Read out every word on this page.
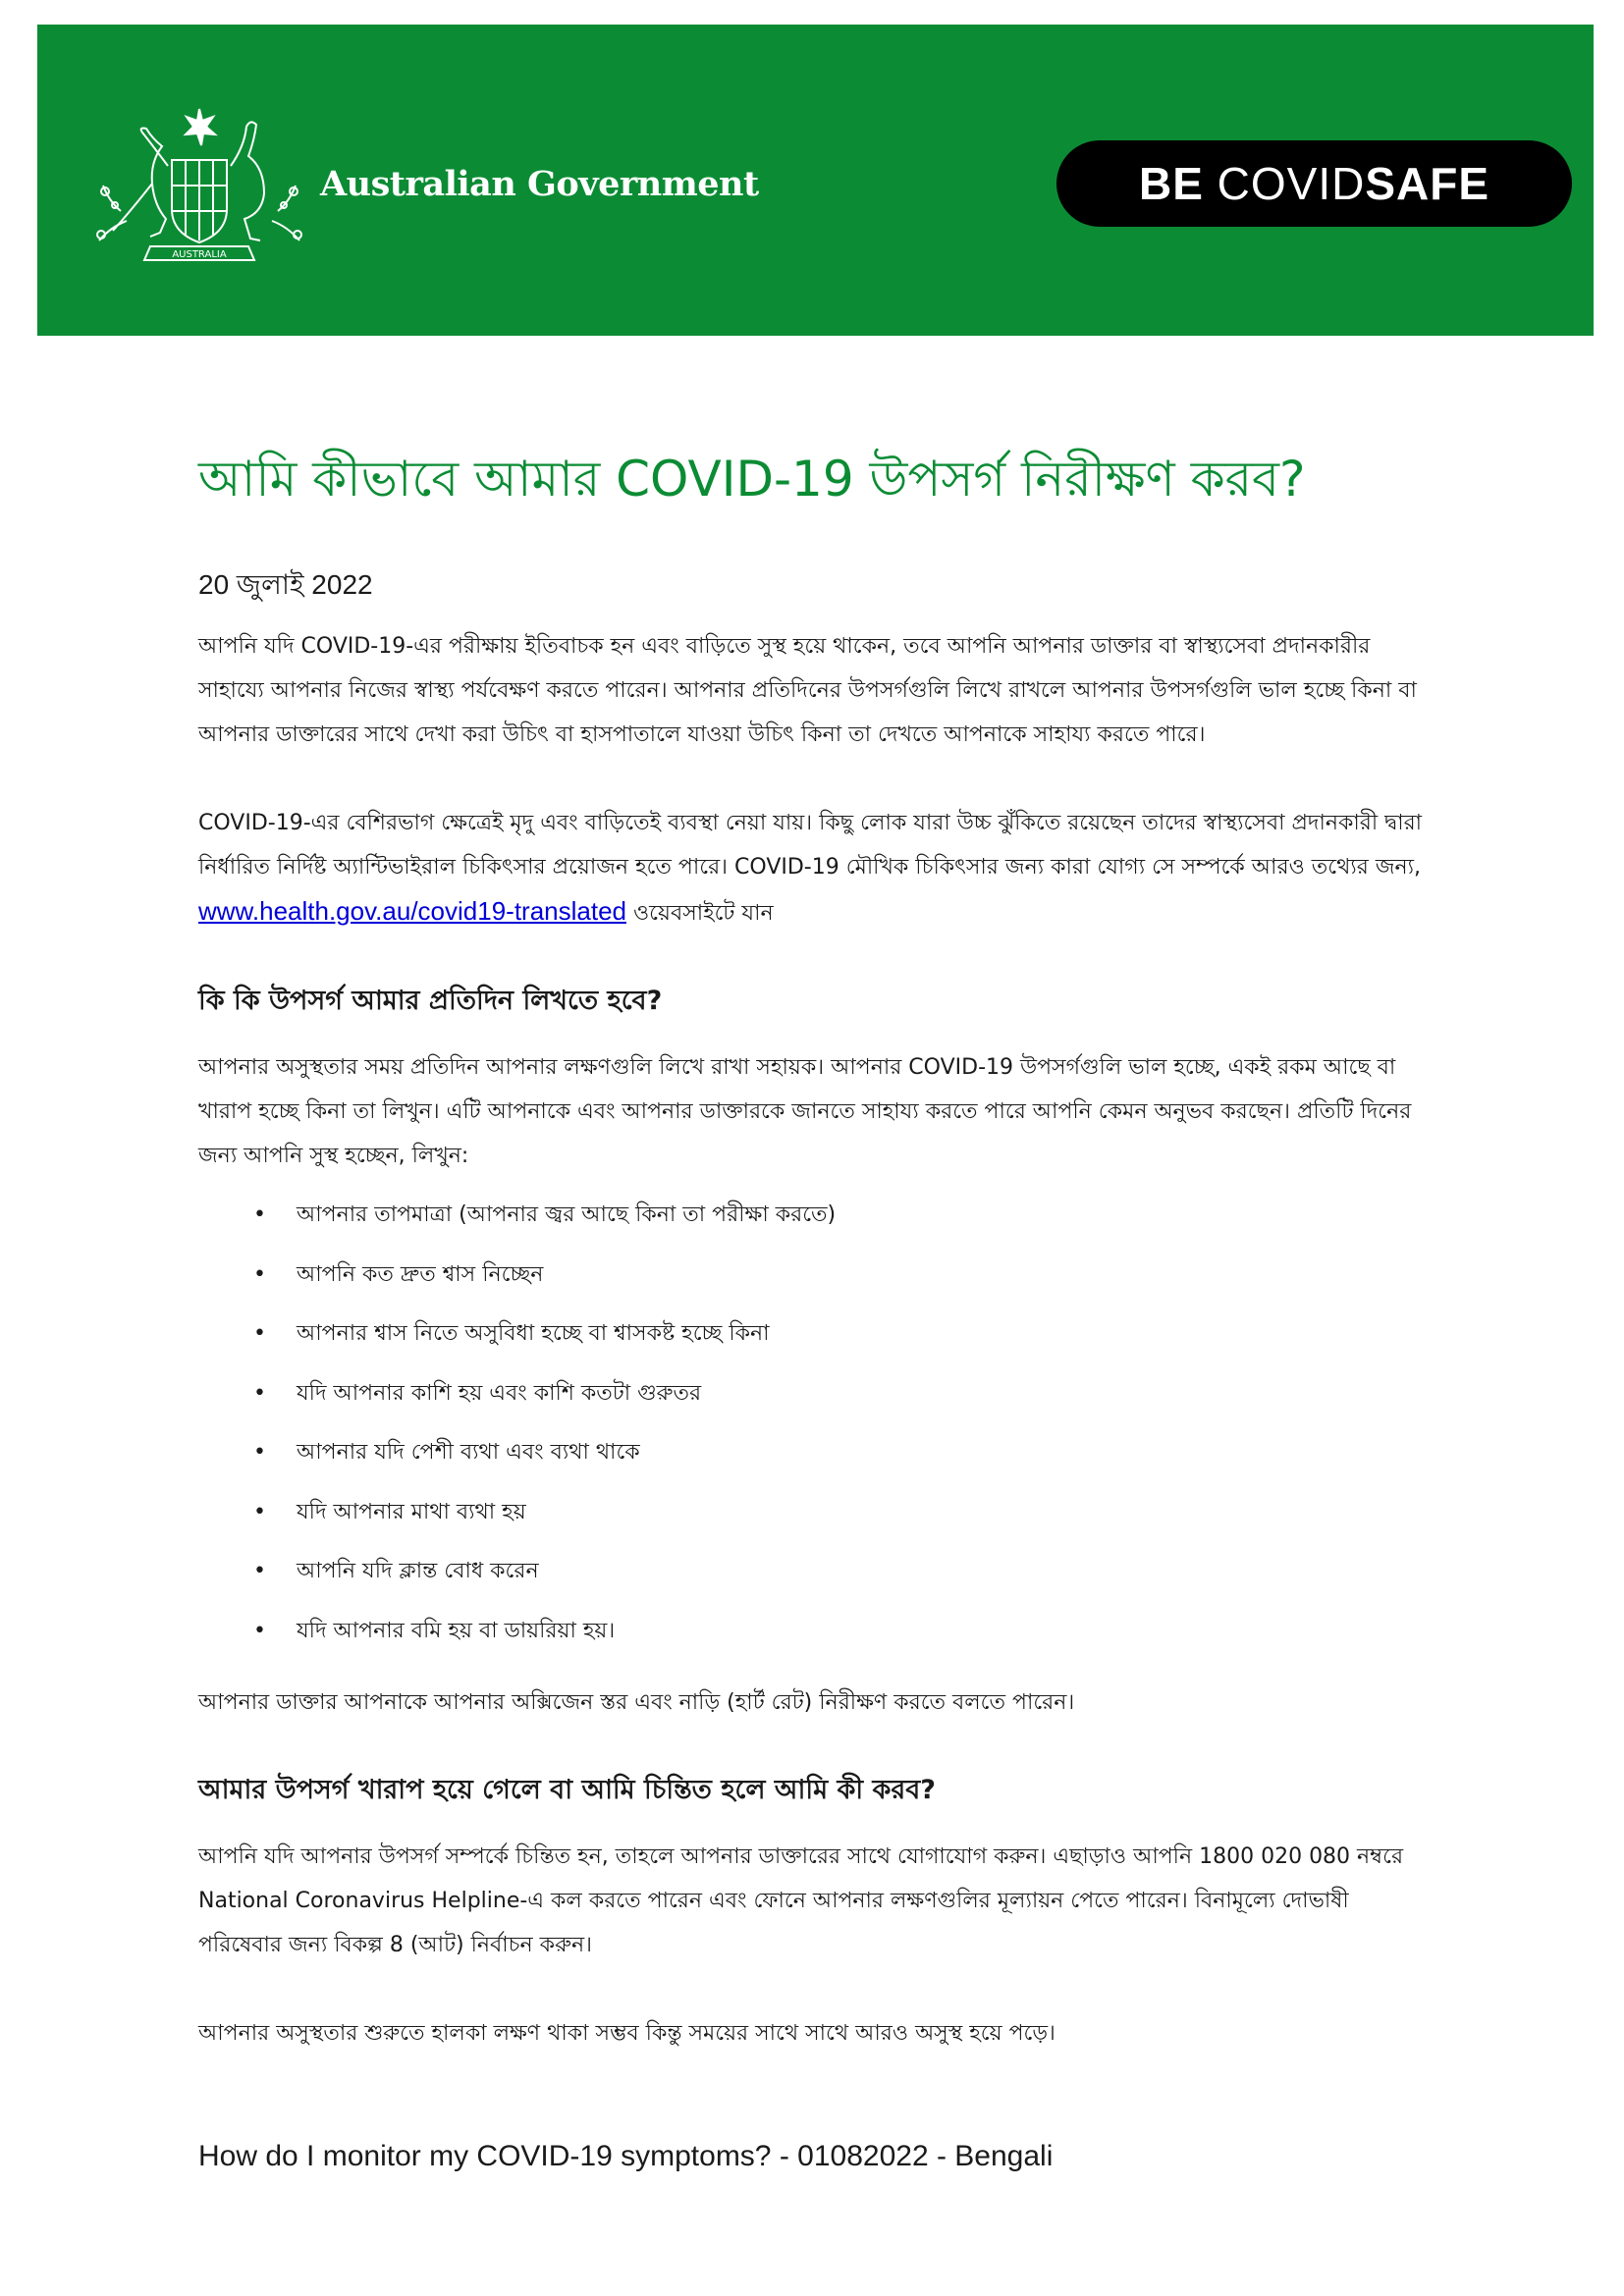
AUSTRALIA
Australian Government	BE COVIDSAFE
আমি কীভাবে আমার COVID-19 উপসর্গ নিরীক্ষণ করব?
20 জুলাই 2022

আপনি যদি COVID-19-এর পরীক্ষায় ইতিবাচক হন এবং বাড়িতে সুস্থ হয়ে থাকেন, তবে আপনি আপনার ডাক্তার বা স্বাস্থ্যসেবা প্রদানকারীর সাহায্যে আপনার নিজের স্বাস্থ্য পর্যবেক্ষণ করতে পারেন। আপনার প্রতিদিনের উপসর্গগুলি লিখে রাখলে আপনার উপসর্গগুলি ভাল হচ্ছে কিনা বা আপনার ডাক্তারের সাথে দেখা করা উচিৎ বা হাসপাতালে যাওয়া উচিৎ কিনা তা দেখতে আপনাকে সাহায্য করতে পারে।

COVID-19-এর বেশিরভাগ ক্ষেত্রেই মৃদু এবং বাড়িতেই ব্যবস্থা নেয়া যায়। কিছু লোক যারা উচ্চ ঝুঁকিতে রয়েছেন তাদের স্বাস্থ্যসেবা প্রদানকারী দ্বারা নির্ধারিত নির্দিষ্ট অ্যান্টিভাইরাল চিকিৎসার প্রয়োজন হতে পারে। COVID-19 মৌখিক চিকিৎসার জন্য কারা যোগ্য সে সম্পর্কে আরও তথ্যের জন্য, www.health.gov.au/covid19-translated ওয়েবসাইটে যান

কি কি উপসর্গ আমার প্রতিদিন লিখতে হবে?

আপনার অসুস্থতার সময় প্রতিদিন আপনার লক্ষণগুলি লিখে রাখা সহায়ক। আপনার COVID-19 উপসর্গগুলি ভাল হচ্ছে, একই রকম আছে বা খারাপ হচ্ছে কিনা তা লিখুন। এটি আপনাকে এবং আপনার ডাক্তারকে জানতে সাহায্য করতে পারে আপনি কেমন অনুভব করছেন। প্রতিটি দিনের জন্য আপনি সুস্থ হচ্ছেন, লিখুন:

• আপনার তাপমাত্রা (আপনার জ্বর আছে কিনা তা পরীক্ষা করতে)
• আপনি কত দ্রুত শ্বাস নিচ্ছেন
• আপনার শ্বাস নিতে অসুবিধা হচ্ছে বা শ্বাসকষ্ট হচ্ছে কিনা
• যদি আপনার কাশি হয় এবং কাশি কতটা গুরুতর
• আপনার যদি পেশী ব্যথা এবং ব্যথা থাকে
• যদি আপনার মাথা ব্যথা হয়
• আপনি যদি ক্লান্ত বোধ করেন
• যদি আপনার বমি হয় বা ডায়রিয়া হয়।

আপনার ডাক্তার আপনাকে আপনার অক্সিজেন স্তর এবং নাড়ি (হার্ট রেট) নিরীক্ষণ করতে বলতে পারেন।

আমার উপসর্গ খারাপ হয়ে গেলে বা আমি চিন্তিত হলে আমি কী করব?

আপনি যদি আপনার উপসর্গ সম্পর্কে চিন্তিত হন, তাহলে আপনার ডাক্তারের সাথে যোগাযোগ করুন। এছাড়াও আপনি 1800 020 080 নম্বরে National Coronavirus Helpline-এ কল করতে পারেন এবং ফোনে আপনার লক্ষণগুলির মূল্যায়ন পেতে পারেন। বিনামূল্যে দোভাষী পরিষেবার জন্য বিকল্প 8 (আট) নির্বাচন করুন।

আপনার অসুস্থতার শুরুতে হালকা লক্ষণ থাকা সম্ভব কিন্তু সময়ের সাথে সাথে আরও অসুস্থ হয়ে পড়ে।

How do I monitor my COVID-19 symptoms? - 01082022 - Bengali
